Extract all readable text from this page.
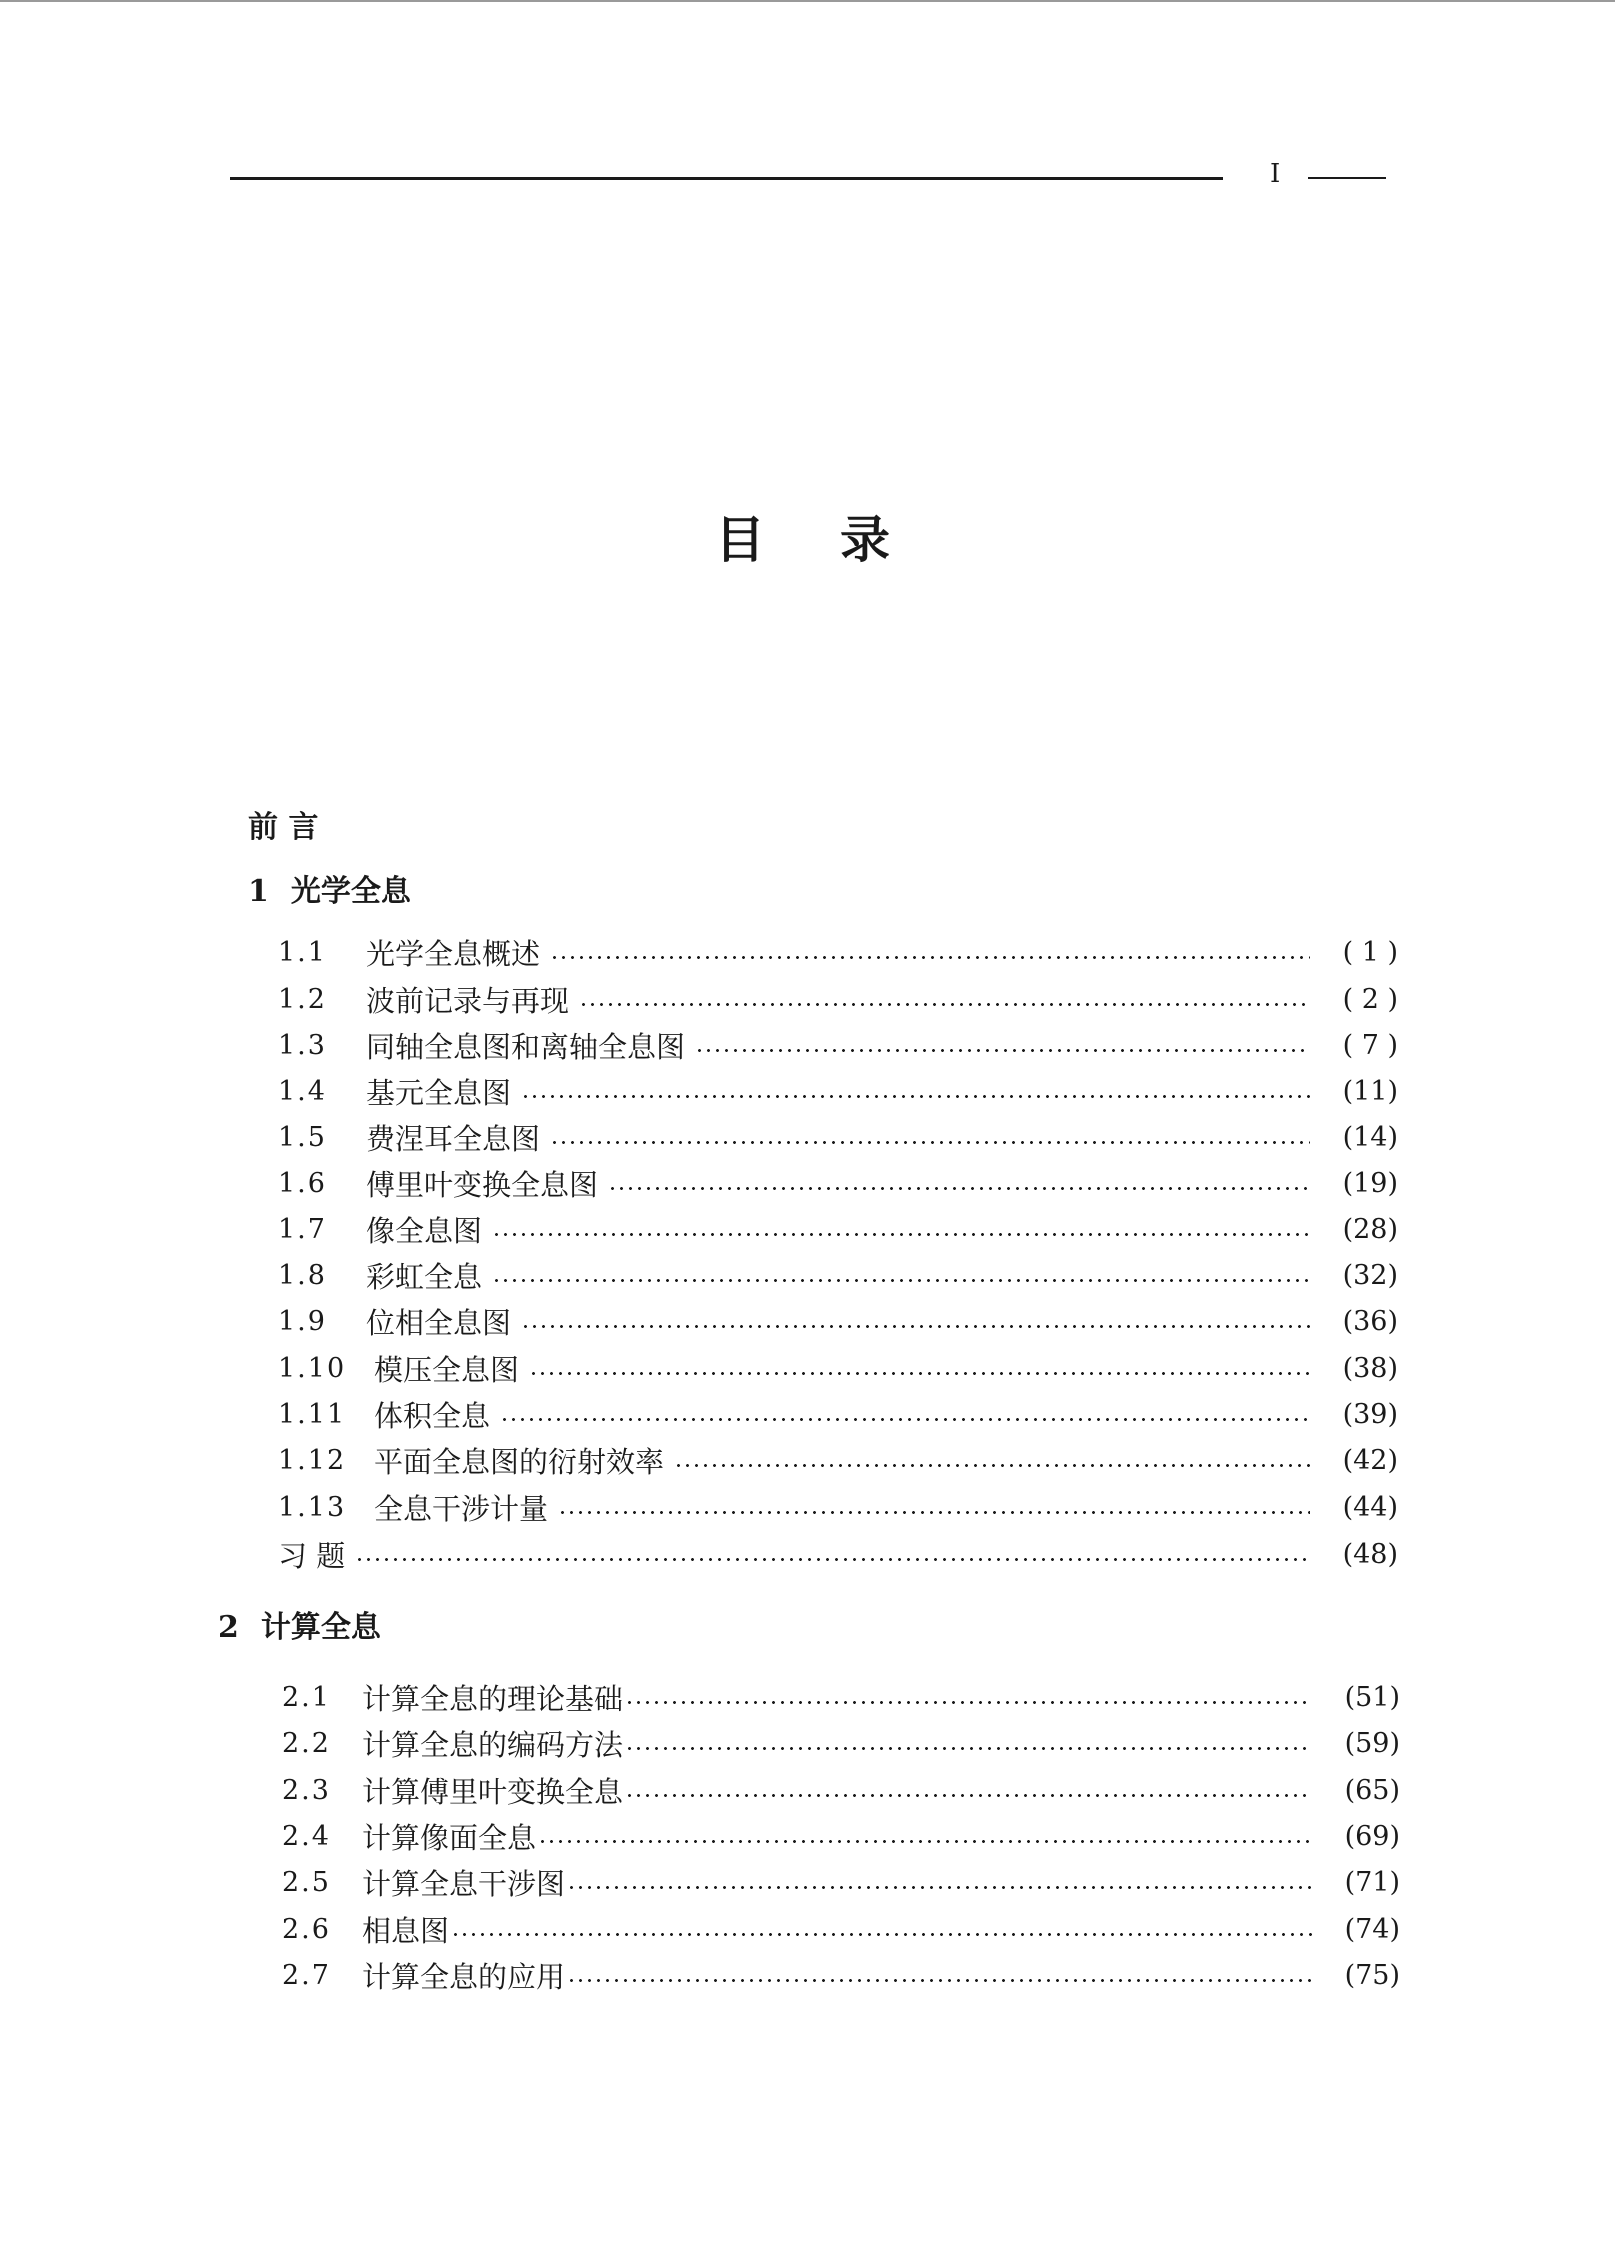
I
目录
前 言
1 光学全息
1.1	光学全息概述	( 1 )
1.2	波前记录与再现	( 2 )
1.3	同轴全息图和离轴全息图	( 7 )
1.4	基元全息图	(11)
1.5	费涅耳全息图	(14)
1.6	傅里叶变换全息图	(19)
1.7	像全息图	(28)
1.8	彩虹全息	(32)
1.9	位相全息图	(36)
1.10 模压全息图	(38)
1.11 体积全息	(39)
1.12 平面全息图的衍射效率	(42)
1.13 全息干涉计量	(44)
习 题	(48)
2 计算全息
2.1	计算全息的理论基础	(51)
2.2	计算全息的编码方法	(59)
2.3	计算傅里叶变换全息	(65)
2.4	计算像面全息	(69)
2.5	计算全息干涉图	(71)
2.6	相息图	(74)
2.7	计算全息的应用	(75)
